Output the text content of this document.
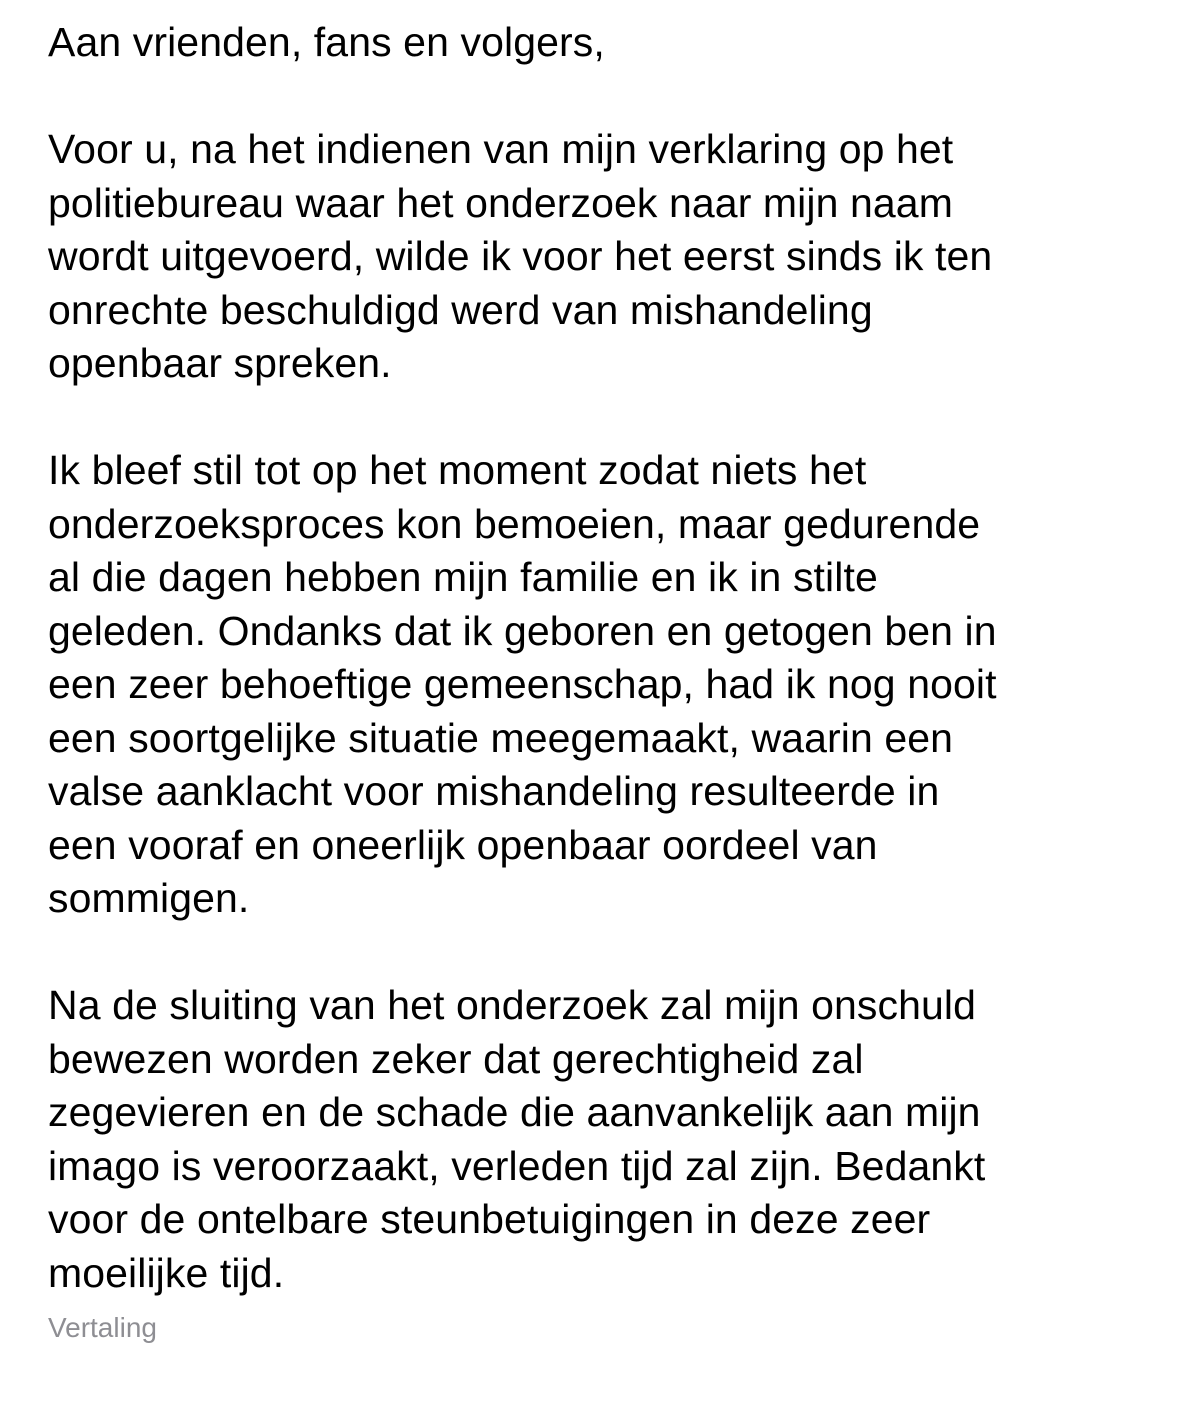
Aan vrienden, fans en volgers,
Voor u, na het indienen van mijn verklaring op het
politiebureau waar het onderzoek naar mijn naam
wordt uitgevoerd, wilde ik voor het eerst sinds ik ten
onrechte beschuldigd werd van mishandeling
openbaar spreken.
Ik bleef stil tot op het moment zodat niets het
onderzoeksproces kon bemoeien, maar gedurende
al die dagen hebben mijn familie en ik in stilte
geleden. Ondanks dat ik geboren en getogen ben in
een zeer behoeftige gemeenschap, had ik nog nooit
een soortgelijke situatie meegemaakt, waarin een
valse aanklacht voor mishandeling resulteerde in
een vooraf en oneerlijk openbaar oordeel van
sommigen.
Na de sluiting van het onderzoek zal mijn onschuld
bewezen worden zeker dat gerechtigheid zal
zegevieren en de schade die aanvankelijk aan mijn
imago is veroorzaakt, verleden tijd zal zijn. Bedankt
voor de ontelbare steunbetuigingen in deze zeer
moeilijke tijd.
Vertaling
